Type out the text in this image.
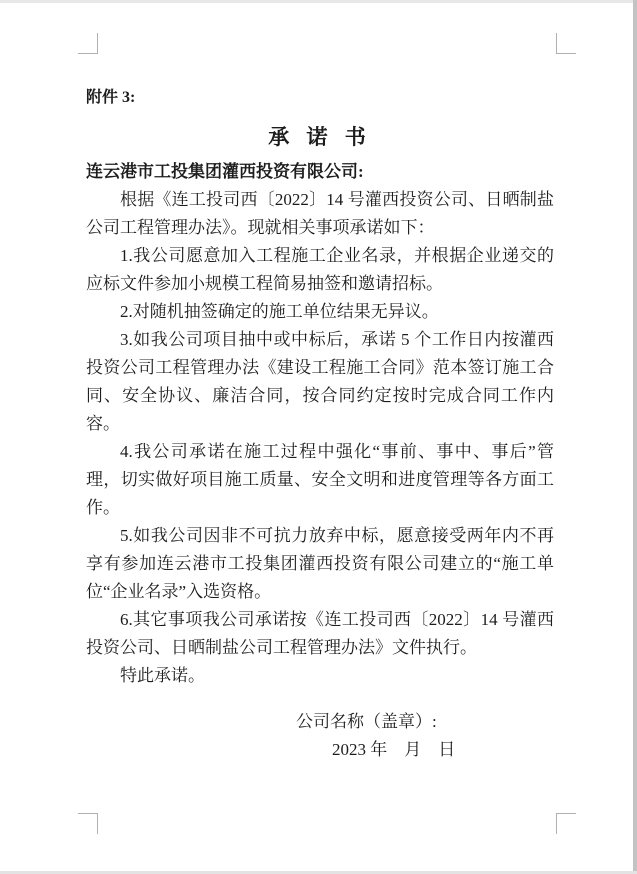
附件 3:
承 诺 书
连云港市工投集团灌西投资有限公司:

根据《连工投司西〔2022〕14 号灌西投资公司、日晒制盐公司工程管理办法》。现就相关事项承诺如下：

1.我公司愿意加入工程施工企业名录，并根据企业递交的应标文件参加小规模工程简易抽签和邀请招标。

2.对随机抽签确定的施工单位结果无异议。

3.如我公司项目抽中或中标后，承诺 5 个工作日内按灌西投资公司工程管理办法《建设工程施工合同》范本签订施工合同、安全协议、廉洁合同，按合同约定按时完成合同工作内容。

4.我公司承诺在施工过程中强化“事前、事中、事后”管理，切实做好项目施工质量、安全文明和进度管理等各方面工作。

5.如我公司因非不可抗力放弃中标，愿意接受两年内不再享有参加连云港市工投集团灌西投资有限公司建立的“施工单位“企业名录”入选资格。

6.其它事项我公司承诺按《连工投司西〔2022〕14 号灌西投资公司、日晒制盐公司工程管理办法》文件执行。

特此承诺。

公司名称（盖章）:
2023 年　月　日
